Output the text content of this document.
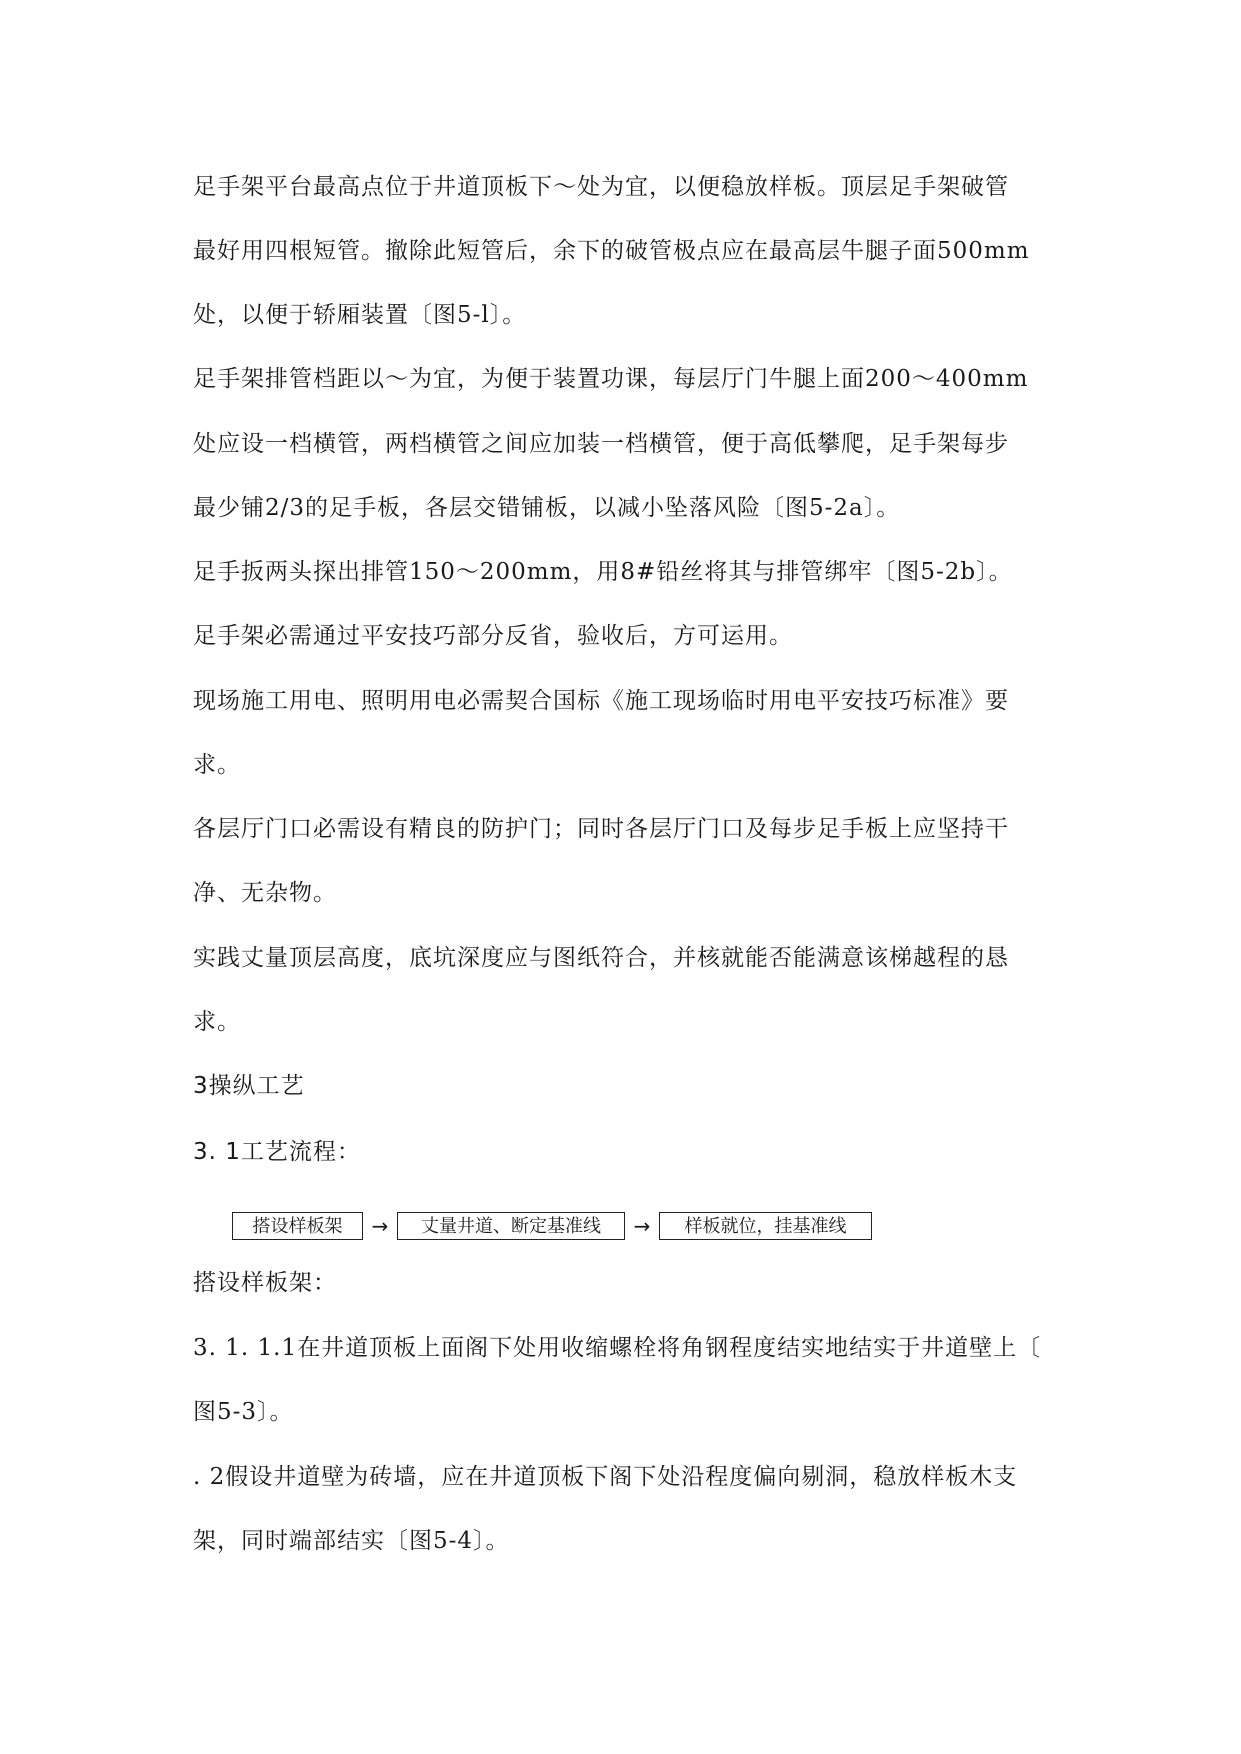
足手架平台最高点位于井道顶板下～处为宜，以便稳放样板。顶层足手架破管
最好用四根短管。撤除此短管后，余下的破管极点应在最高层牛腿子面500mm
处，以便于轿厢装置〔图5-l〕。
足手架排管档距以～为宜，为便于装置功课，每层厅门牛腿上面200～400mm
处应设一档横管，两档横管之间应加装一档横管，便于高低攀爬，足手架每步
最少铺2/3的足手板，各层交错铺板，以减小坠落风险〔图5-2a〕。
足手扳两头探出排管150～200mm，用8#铅丝将其与排管绑牢〔图5-2b〕。
足手架必需通过平安技巧部分反省，验收后，方可运用。
现场施工用电、照明用电必需契合国标《施工现场临时用电平安技巧标准》要
求。
各层厅门口必需设有精良的防护门；同时各层厅门口及每步足手板上应坚持干
净、无杂物。
实践丈量顶层高度，底坑深度应与图纸符合，并核就能否能满意该梯越程的恳
求。
3操纵工艺
3. 1工艺流程：
搭设样板架	→	丈量井道、断定基准线	→	样板就位，挂基准线
搭设样板架：
3. 1. 1.1在井道顶板上面阁下处用收缩螺栓将角钢程度结实地结实于井道壁上〔
图5-3〕。
. 2假设井道壁为砖墙，应在井道顶板下阁下处沿程度偏向剔洞，稳放样板木支
架，同时端部结实〔图5-4〕。
